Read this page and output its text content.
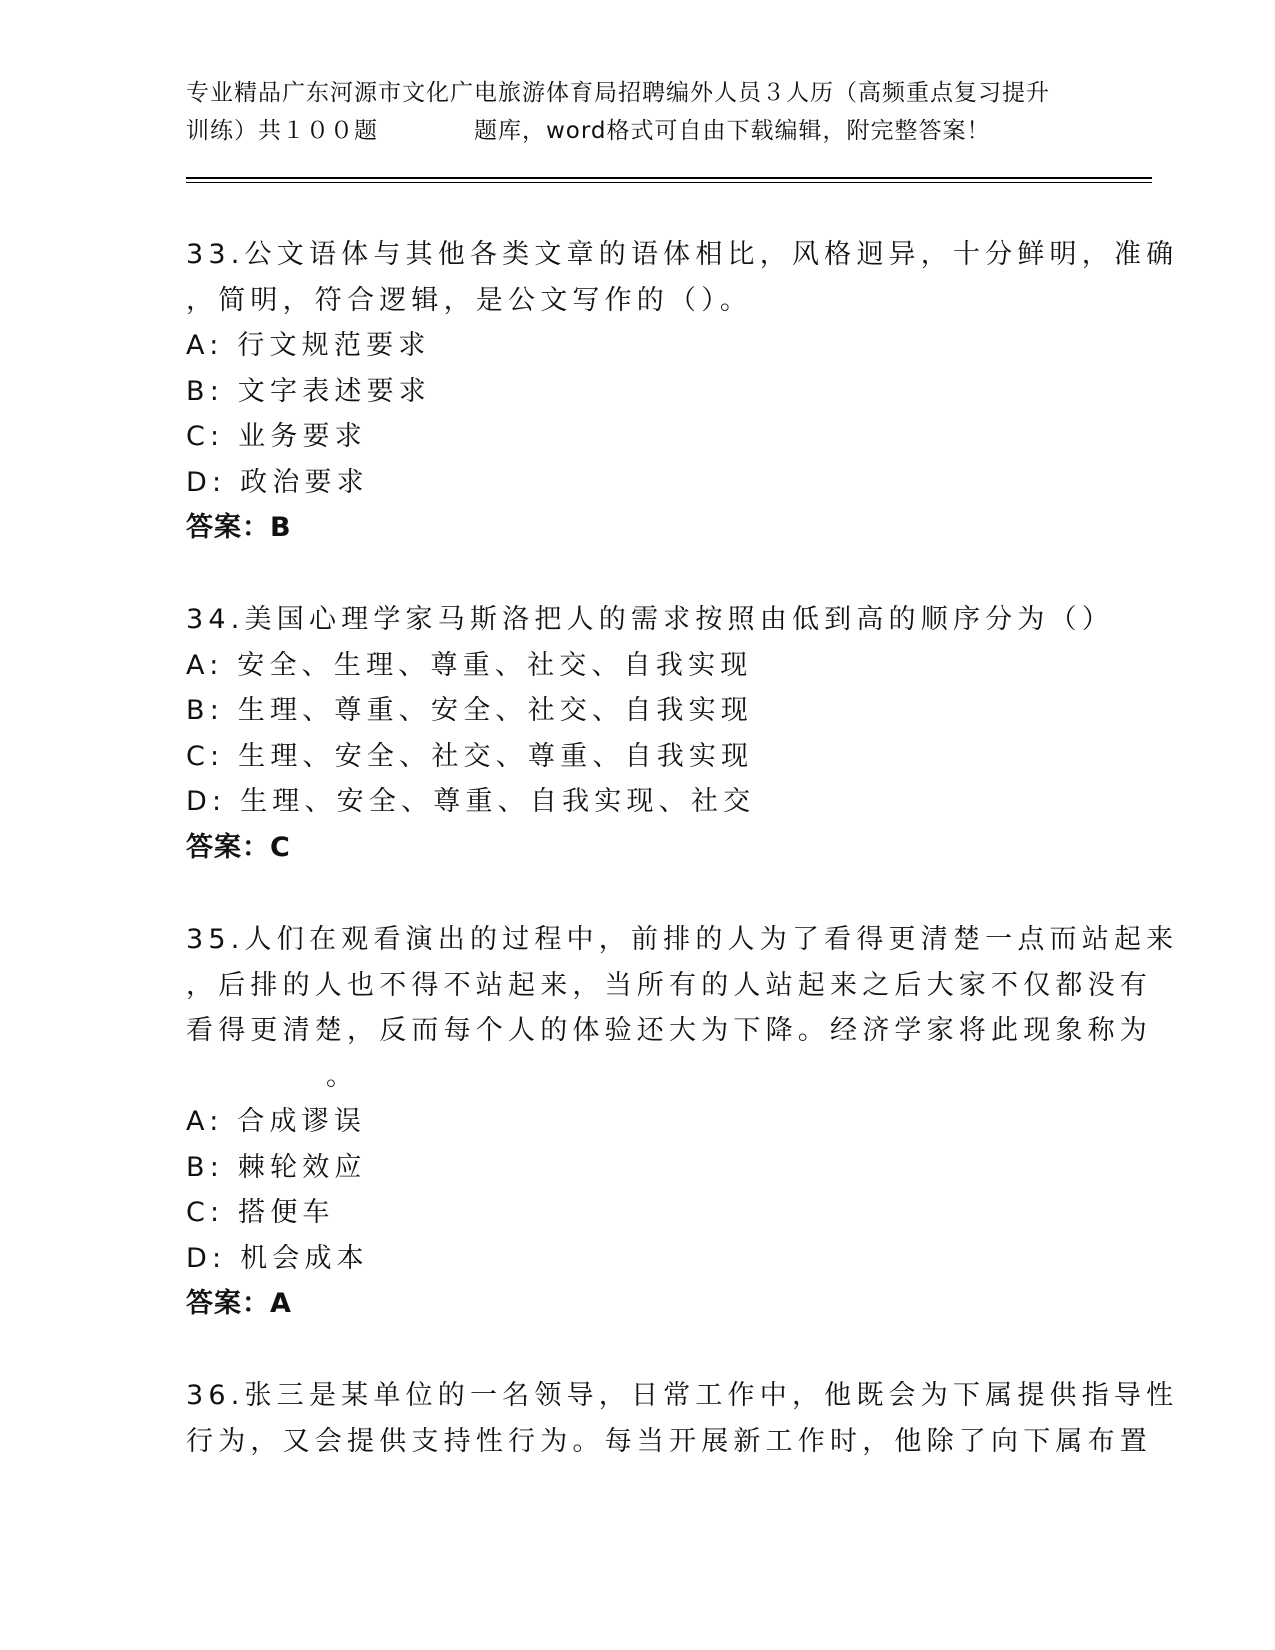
专业精品广东河源市文化广电旅游体育局招聘编外人员３人历（高频重点复习提升
训练）共１００题　　　　题库，word格式可自由下载编辑，附完整答案！
33.公文语体与其他各类文章的语体相比，风格迥异，十分鲜明，准确
，简明，符合逻辑，是公文写作的（）。
A: 行文规范要求
B: 文字表述要求
C: 业务要求
D: 政治要求
答案：B
34.美国心理学家马斯洛把人的需求按照由低到高的顺序分为（）
A: 安全、生理、尊重、社交、自我实现
B: 生理、尊重、安全、社交、自我实现
C: 生理、安全、社交、尊重、自我实现
D: 生理、安全、尊重、自我实现、社交
答案：C
35.人们在观看演出的过程中，前排的人为了看得更清楚一点而站起来
，后排的人也不得不站起来，当所有的人站起来之后大家不仅都没有
看得更清楚，反而每个人的体验还大为下降。经济学家将此现象称为
。
A: 合成谬误
B: 棘轮效应
C: 搭便车
D: 机会成本
答案：A
36.张三是某单位的一名领导，日常工作中，他既会为下属提供指导性
行为，又会提供支持性行为。每当开展新工作时，他除了向下属布置
